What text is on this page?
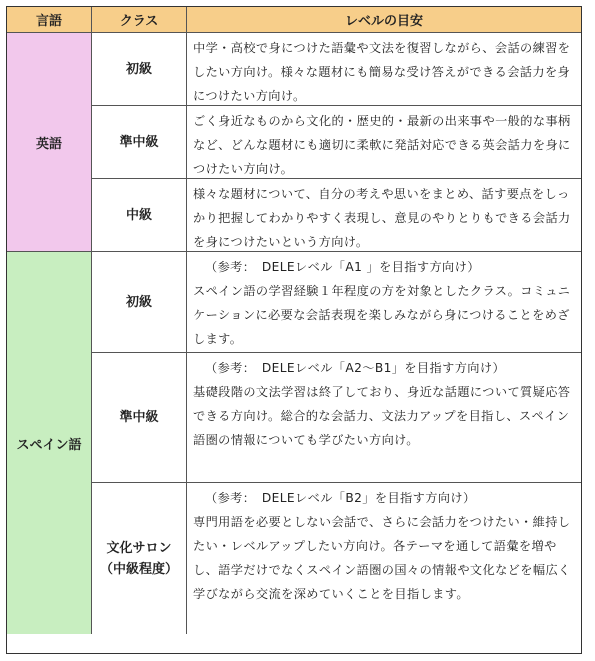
言語	クラス	レベルの目安
英語
初級
中学・高校で身につけた語彙や文法を復習しながら、会話の練習をしたい方向け。様々な題材にも簡易な受け答えができる会話力を身につけたい方向け。
準中級
ごく身近なものから文化的・歴史的・最新の出来事や一般的な事柄など、どんな題材にも適切に柔軟に発話対応できる英会話力を身につけたい方向け。
中級
様々な題材について、自分の考えや思いをまとめ、話す要点をしっかり把握してわかりやすく表現し、意見のやりとりもできる会話力を身につけたいという方向け。
スペイン語
初級
（参考：　DELEレベル「A1 」を目指す方向け）
スペイン語の学習経験１年程度の方を対象としたクラス。コミュニケーションに必要な会話表現を楽しみながら身につけることをめざします。
準中級
（参考：　DELEレベル「A2～B1」を目指す方向け）
基礎段階の文法学習は終了しており、身近な話題について質疑応答できる方向け。総合的な会話力、文法力アップを目指し、スペイン語圏の情報についても学びたい方向け。
文化サロン
（中級程度）
（参考：　DELEレベル「B2」を目指す方向け）
専門用語を必要としない会話で、さらに会話力をつけたい・維持したい・レベルアップしたい方向け。各テーマを通して語彙を増やし、語学だけでなくスペイン語圏の国々の情報や文化などを幅広く学びながら交流を深めていくことを目指します。
